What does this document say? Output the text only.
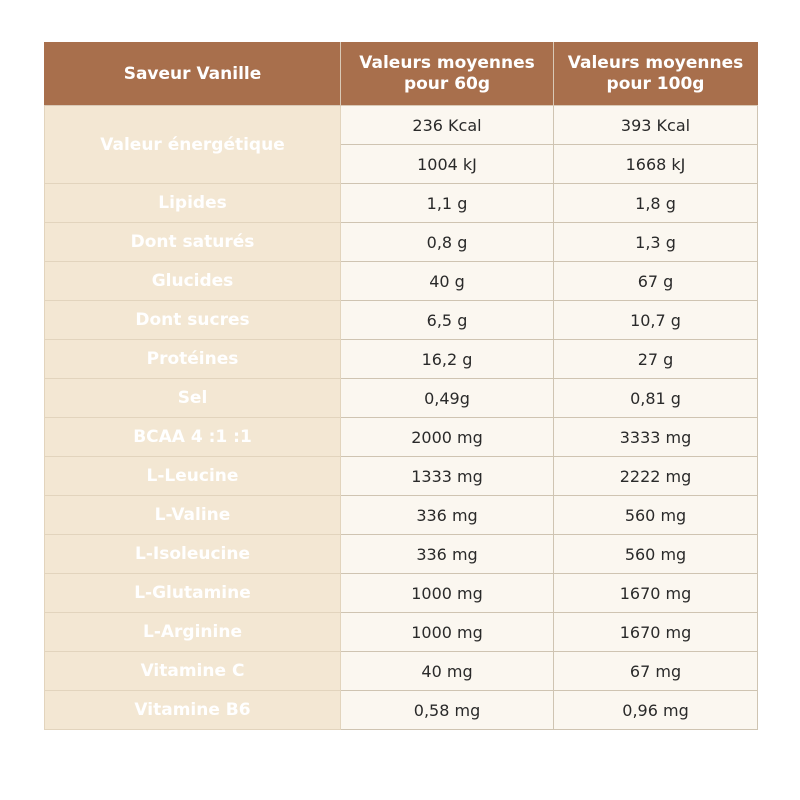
Saveur Vanille	Valeurs moyennes pour 60g	Valeurs moyennes pour 100g
Valeur énergétique	236 Kcal	393 Kcal
	1004 kJ	1668 kJ
Lipides	1,1 g	1,8 g
Dont saturés	0,8 g	1,3 g
Glucides	40 g	67 g
Dont sucres	6,5 g	10,7 g
Protéines	16,2 g	27 g
Sel	0,49g	0,81 g
BCAA 4 :1 :1	2000 mg	3333 mg
L-Leucine	1333 mg	2222 mg
L-Valine	336 mg	560 mg
L-Isoleucine	336 mg	560 mg
L-Glutamine	1000 mg	1670 mg
L-Arginine	1000 mg	1670 mg
Vitamine C	40 mg	67 mg
Vitamine B6	0,58 mg	0,96 mg
